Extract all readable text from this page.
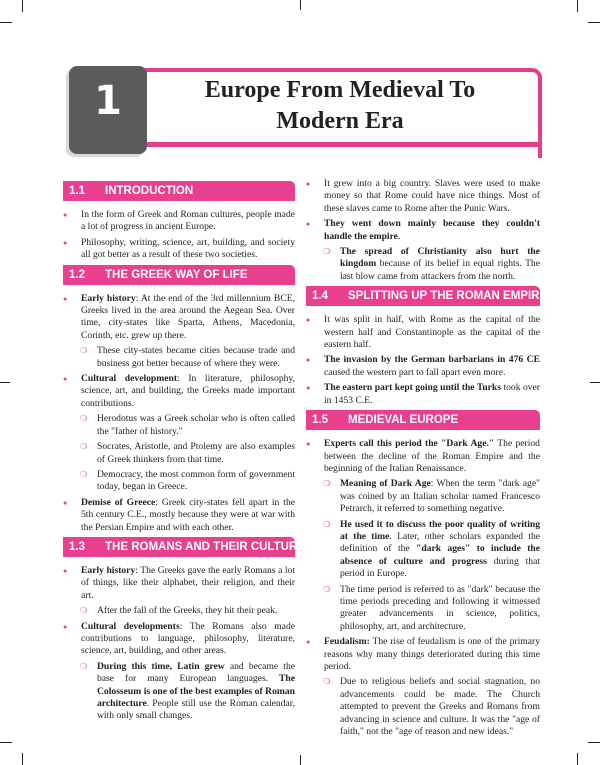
1	Europe From Medieval To
Modern Era
1.1 INTRODUCTION
● In the form of Greek and Roman cultures, people made a lot of progress in ancient Europe.
● Philosophy, writing, science, art, building, and society all got better as a result of these two societies.
1.2 THE GREEK WAY OF LIFE
● Early history: At the end of the 3rd millennium BCE, Greeks lived in the area around the Aegean Sea. Over time, city-states like Sparta, Athens, Macedonia, Corinth, etc. grew up there.
❍ These city-states became cities because trade and business got better because of where they were.
● Cultural development: In literature, philosophy, science, art, and building, the Greeks made important contributions.
❍ Herodotus was a Greek scholar who is often called the "father of history."
❍ Socrates, Aristotle, and Ptolemy are also examples of Greek thinkers from that time.
❍ Democracy, the most common form of government today, began in Greece.
● Demise of Greece: Greek city-states fell apart in the 5th century C.E., mostly because they were at war with the Persian Empire and with each other.
1.3 THE ROMANS AND THEIR CULTURE
● Early history: The Greeks gave the early Romans a lot of things, like their alphabet, their religion, and their art.
❍ After the fall of the Greeks, they hit their peak.
● Cultural developments: The Romans also made contributions to language, philosophy, literature, science, art, building, and other areas.
❍ During this time, Latin grew and became the base for many European languages. The Colosseum is one of the best examples of Roman architecture. People still use the Roman calendar, with only small changes.
● It grew into a big country. Slaves were used to make money so that Rome could have nice things. Most of these slaves came to Rome after the Punic Wars.
● They went down mainly because they couldn't handle the empire.
❍ The spread of Christianity also hurt the kingdom because of its belief in equal rights. The last blow came from attackers from the north.
1.4 SPLITTING UP THE ROMAN EMPIRE
● It was split in half, with Rome as the capital of the western half and Constantinople as the capital of the eastern half.
● The invasion by the German barbarians in 476 CE caused the western part to fall apart even more.
● The eastern part kept going until the Turks took over in 1453 C.E.
1.5 MEDIEVAL EUROPE
● Experts call this period the "Dark Age." The period between the decline of the Roman Empire and the beginning of the Italian Renaissance.
❍ Meaning of Dark Age: When the term "dark age" was coined by an Italian scholar named Francesco Petrarch, it referred to something negative.
❍ He used it to discuss the poor quality of writing at the time. Later, other scholars expanded the definition of the "dark ages" to include the absence of culture and progress during that period in Europe.
❍ The time period is referred to as "dark" because the time periods preceding and following it witnessed greater advancements in science, politics, philosophy, art, and architecture.
● Feudalism: The rise of feudalism is one of the primary reasons why many things deteriorated during this time period.
❍ Due to religious beliefs and social stagnation, no advancements could be made. The Church attempted to prevent the Greeks and Romans from advancing in science and culture. It was the "age of faith," not the "age of reason and new ideas."
